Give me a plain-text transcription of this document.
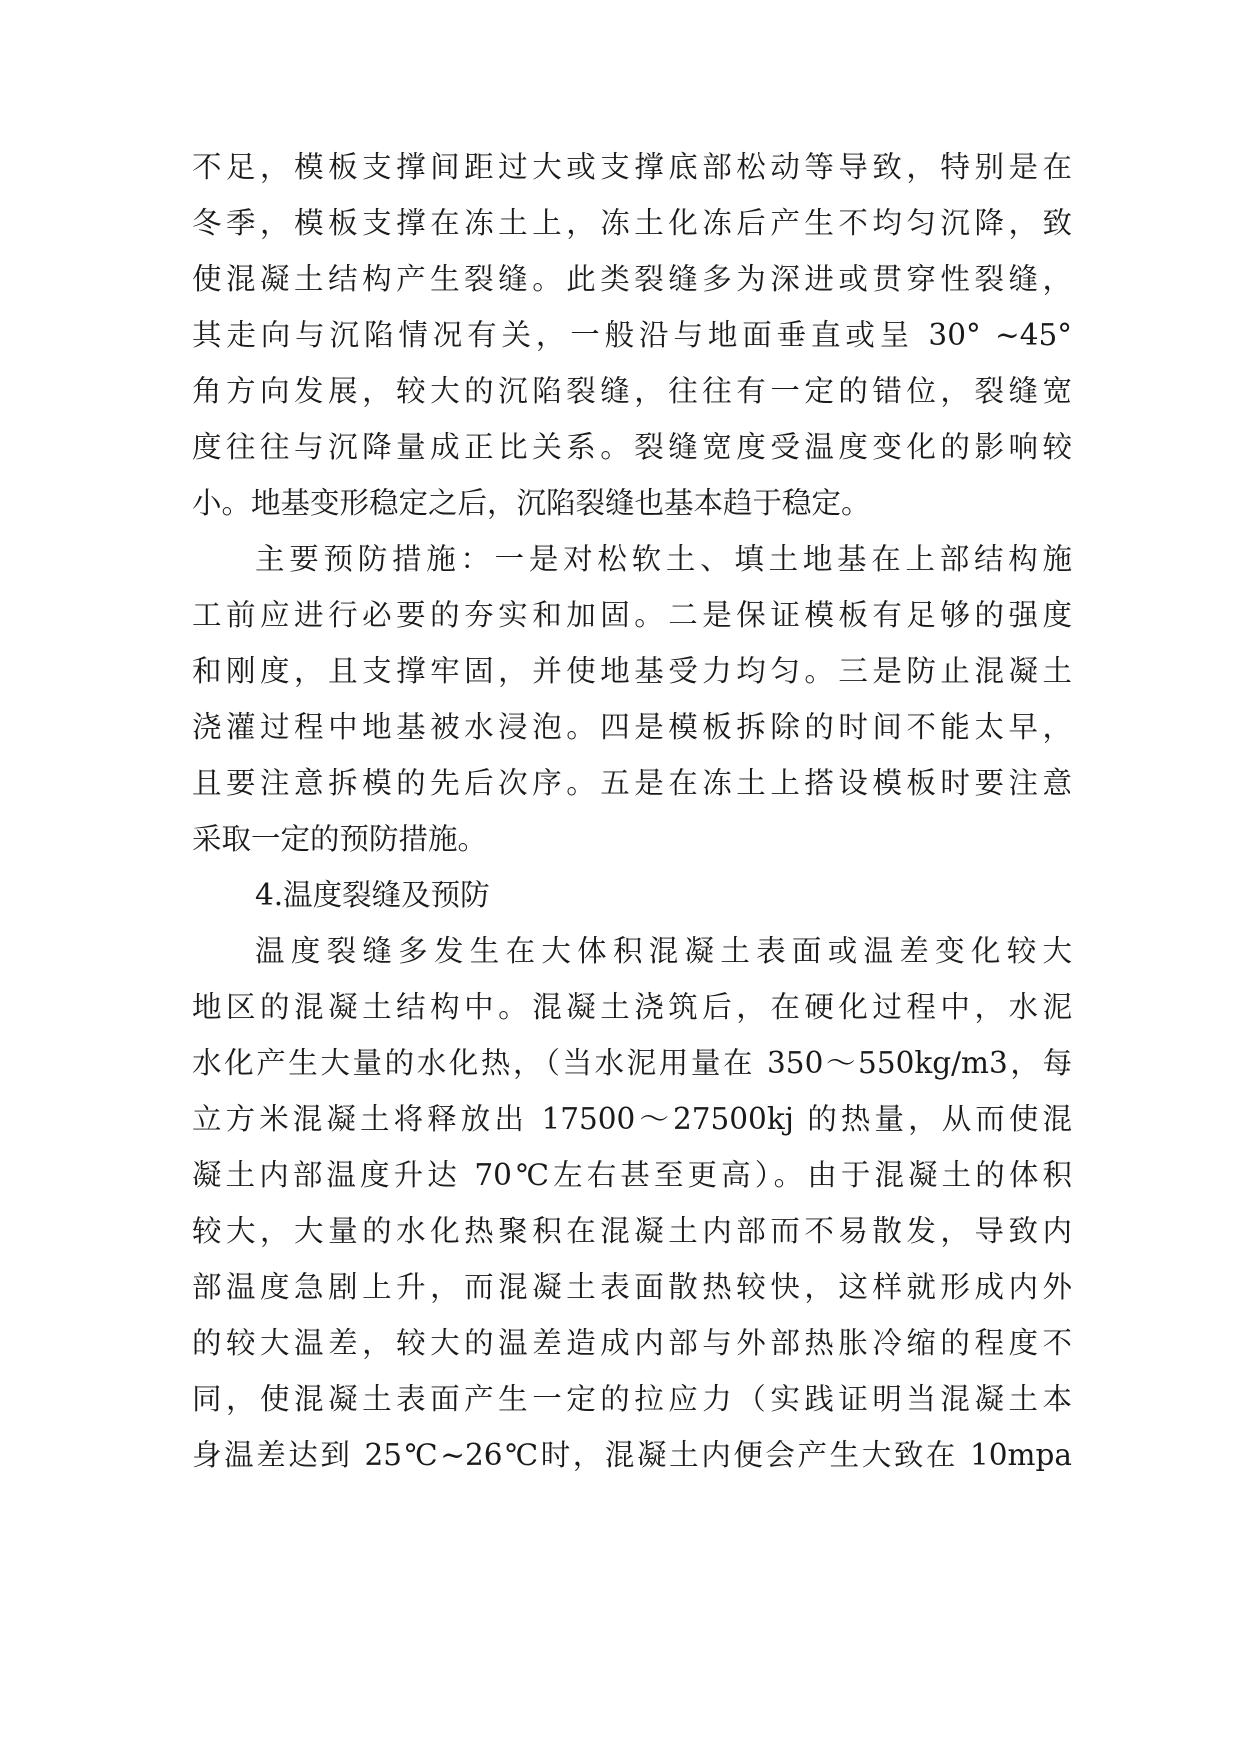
不足，模板支撑间距过大或支撑底部松动等导致，特别是在
冬季，模板支撑在冻土上，冻土化冻后产生不均匀沉降，致
使混凝土结构产生裂缝。此类裂缝多为深进或贯穿性裂缝，
其走向与沉陷情况有关，一般沿与地面垂直或呈 30° ~45°
角方向发展，较大的沉陷裂缝，往往有一定的错位，裂缝宽
度往往与沉降量成正比关系。裂缝宽度受温度变化的影响较
小。地基变形稳定之后，沉陷裂缝也基本趋于稳定。
主要预防措施：一是对松软土、填土地基在上部结构施
工前应进行必要的夯实和加固。二是保证模板有足够的强度
和刚度，且支撑牢固，并使地基受力均匀。三是防止混凝土
浇灌过程中地基被水浸泡。四是模板拆除的时间不能太早，
且要注意拆模的先后次序。五是在冻土上搭设模板时要注意
采取一定的预防措施。
4.温度裂缝及预防
温度裂缝多发生在大体积混凝土表面或温差变化较大
地区的混凝土结构中。混凝土浇筑后，在硬化过程中，水泥
水化产生大量的水化热，（当水泥用量在 350～550kg/m3，每
立方米混凝土将释放出 17500～27500kj 的热量，从而使混
凝土内部温度升达 70℃左右甚至更高）。由于混凝土的体积
较大，大量的水化热聚积在混凝土内部而不易散发，导致内
部温度急剧上升，而混凝土表面散热较快，这样就形成内外
的较大温差，较大的温差造成内部与外部热胀冷缩的程度不
同，使混凝土表面产生一定的拉应力（实践证明当混凝土本
身温差达到 25℃~26℃时，混凝土内便会产生大致在 10mpa
